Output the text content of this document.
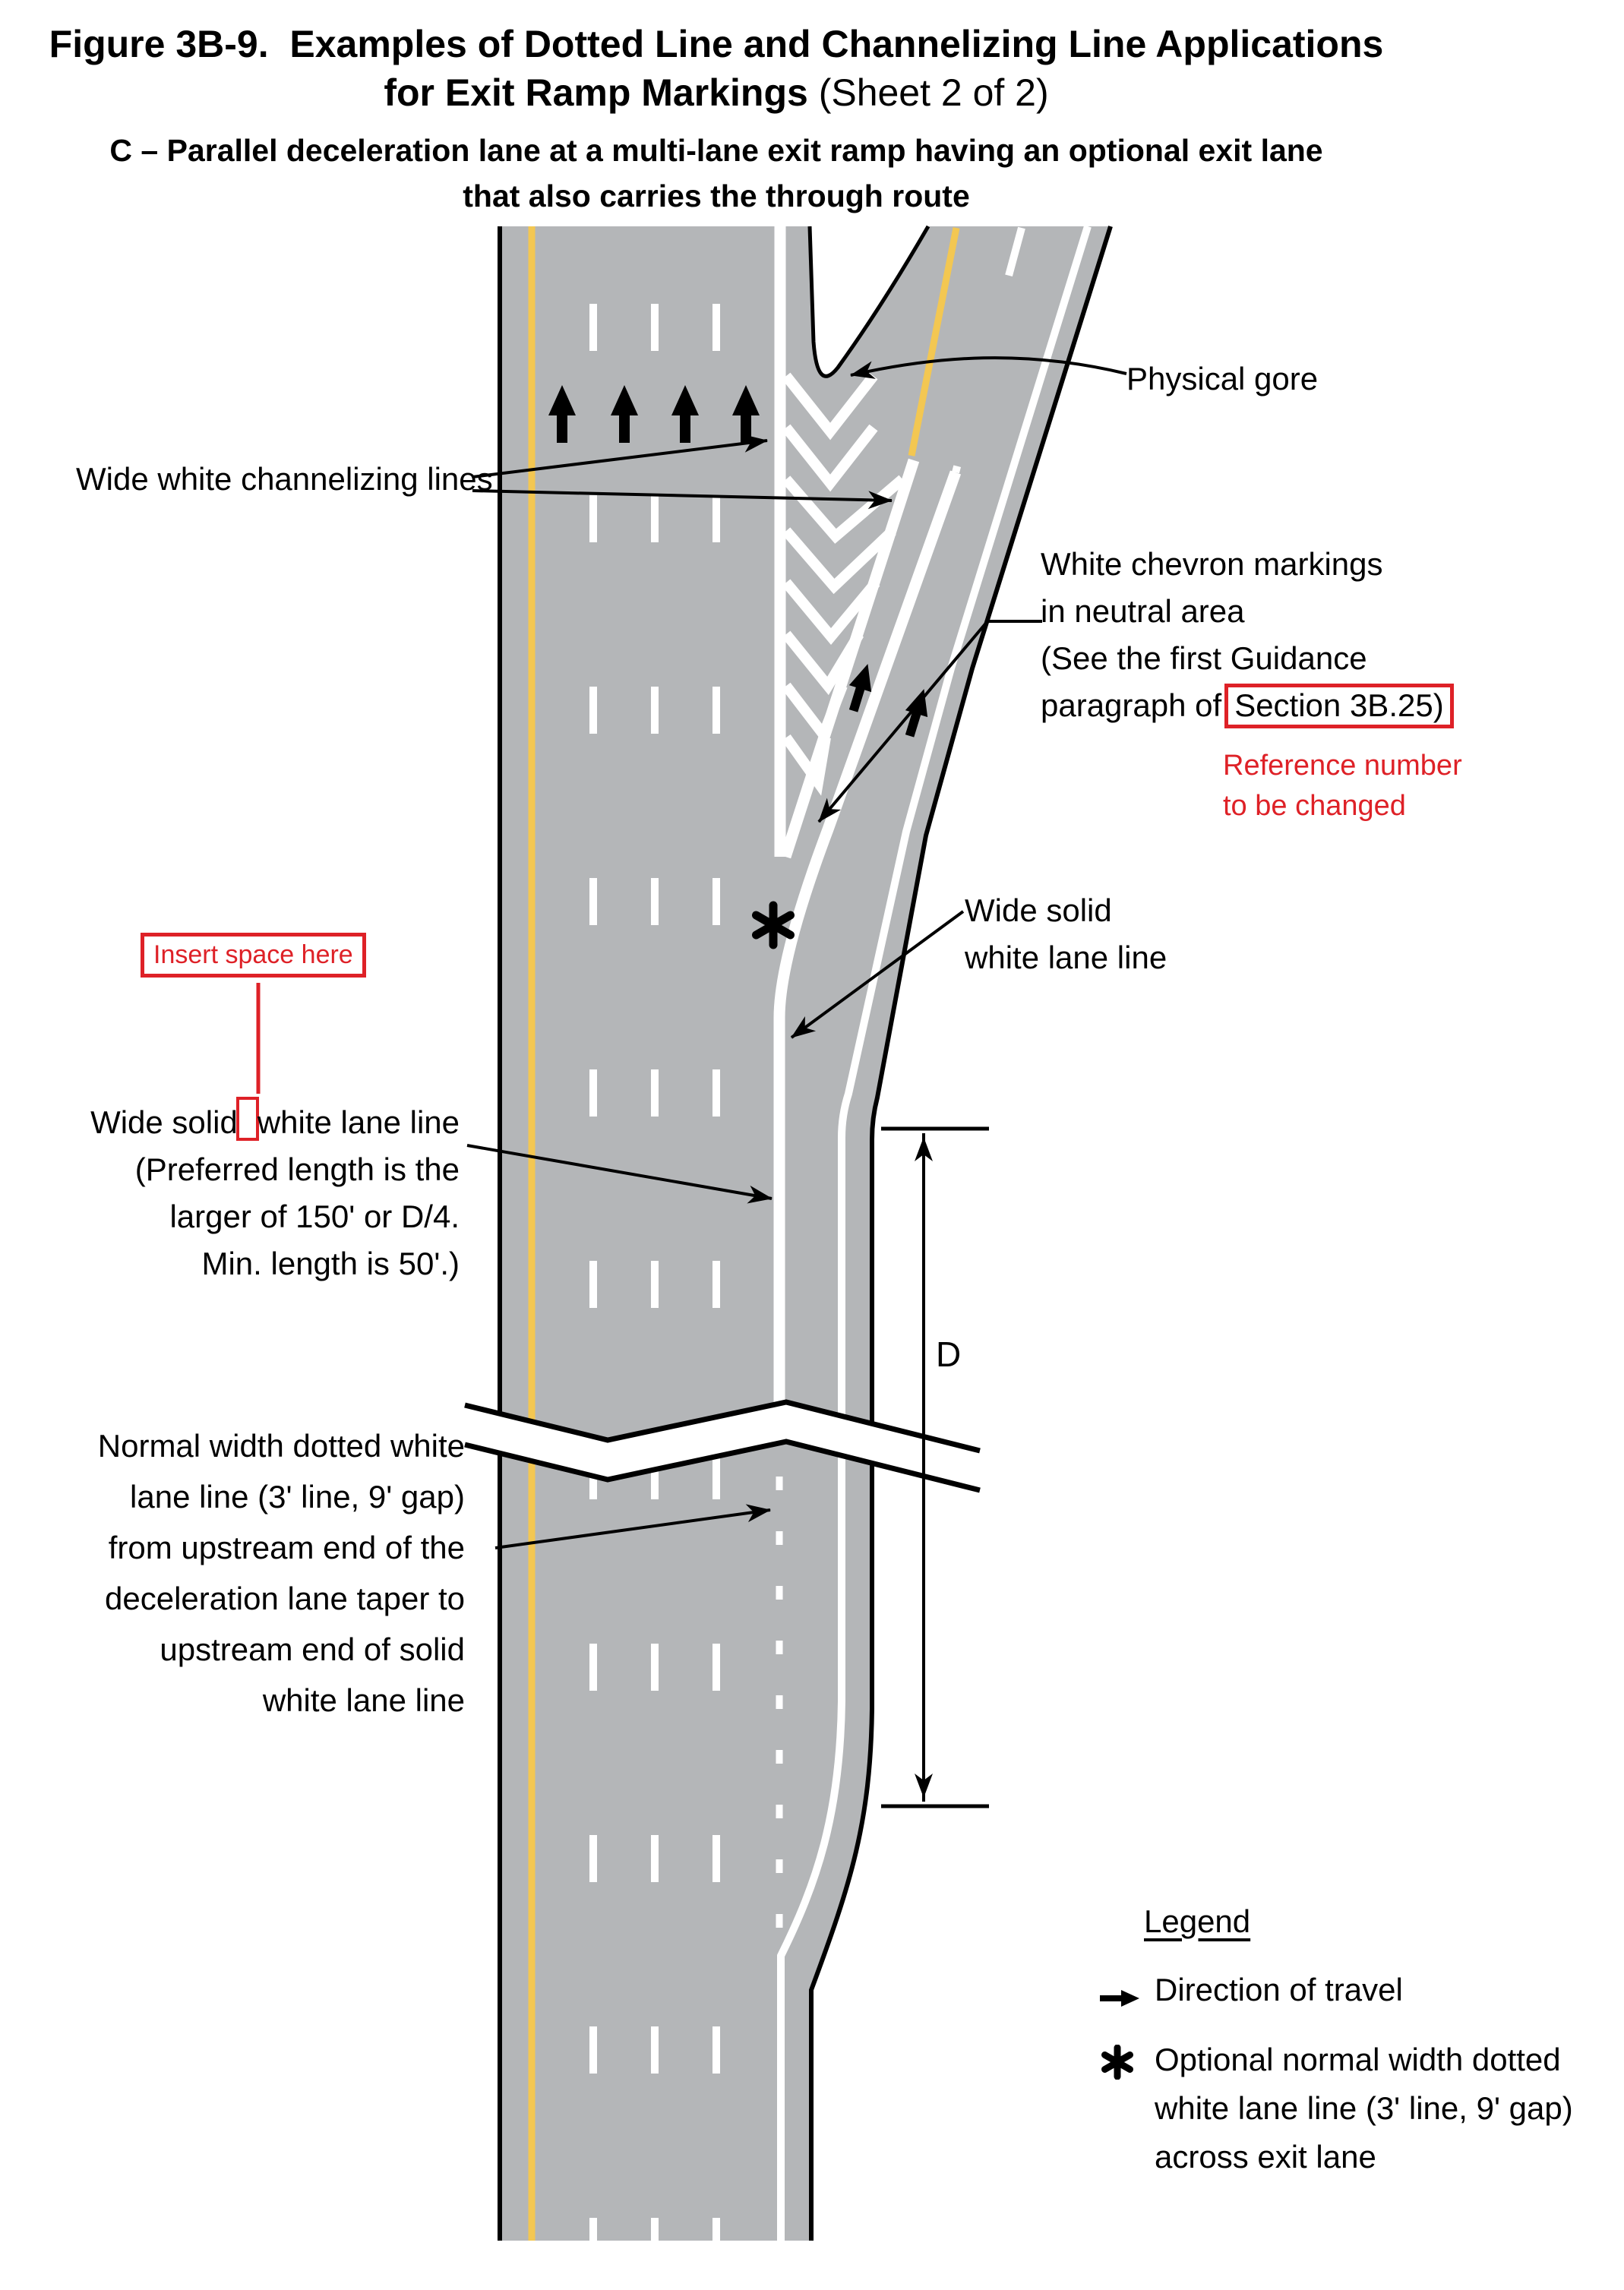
Figure 3B-9.  Examples of Dotted Line and Channelizing Line Applications
for Exit Ramp Markings (Sheet 2 of 2)
C – Parallel deceleration lane at a multi-lane exit ramp having an optional exit lane
that also carries the through route
Physical gore
Wide white channelizing lines
White chevron markings
in neutral area
(See the first Guidance
paragraph of Section 3B.25)
Reference number
to be changed
Wide solid
white lane line
Insert space here
Wide solid white lane line
(Preferred length is the
larger of 150' or D/4.
Min. length is 50'.)
Normal width dotted white
lane line (3' line, 9' gap)
from upstream end of the
deceleration lane taper to
upstream end of solid
white lane line
D
Legend
Direction of travel
Optional normal width dotted
white lane line (3' line, 9' gap)
across exit lane
